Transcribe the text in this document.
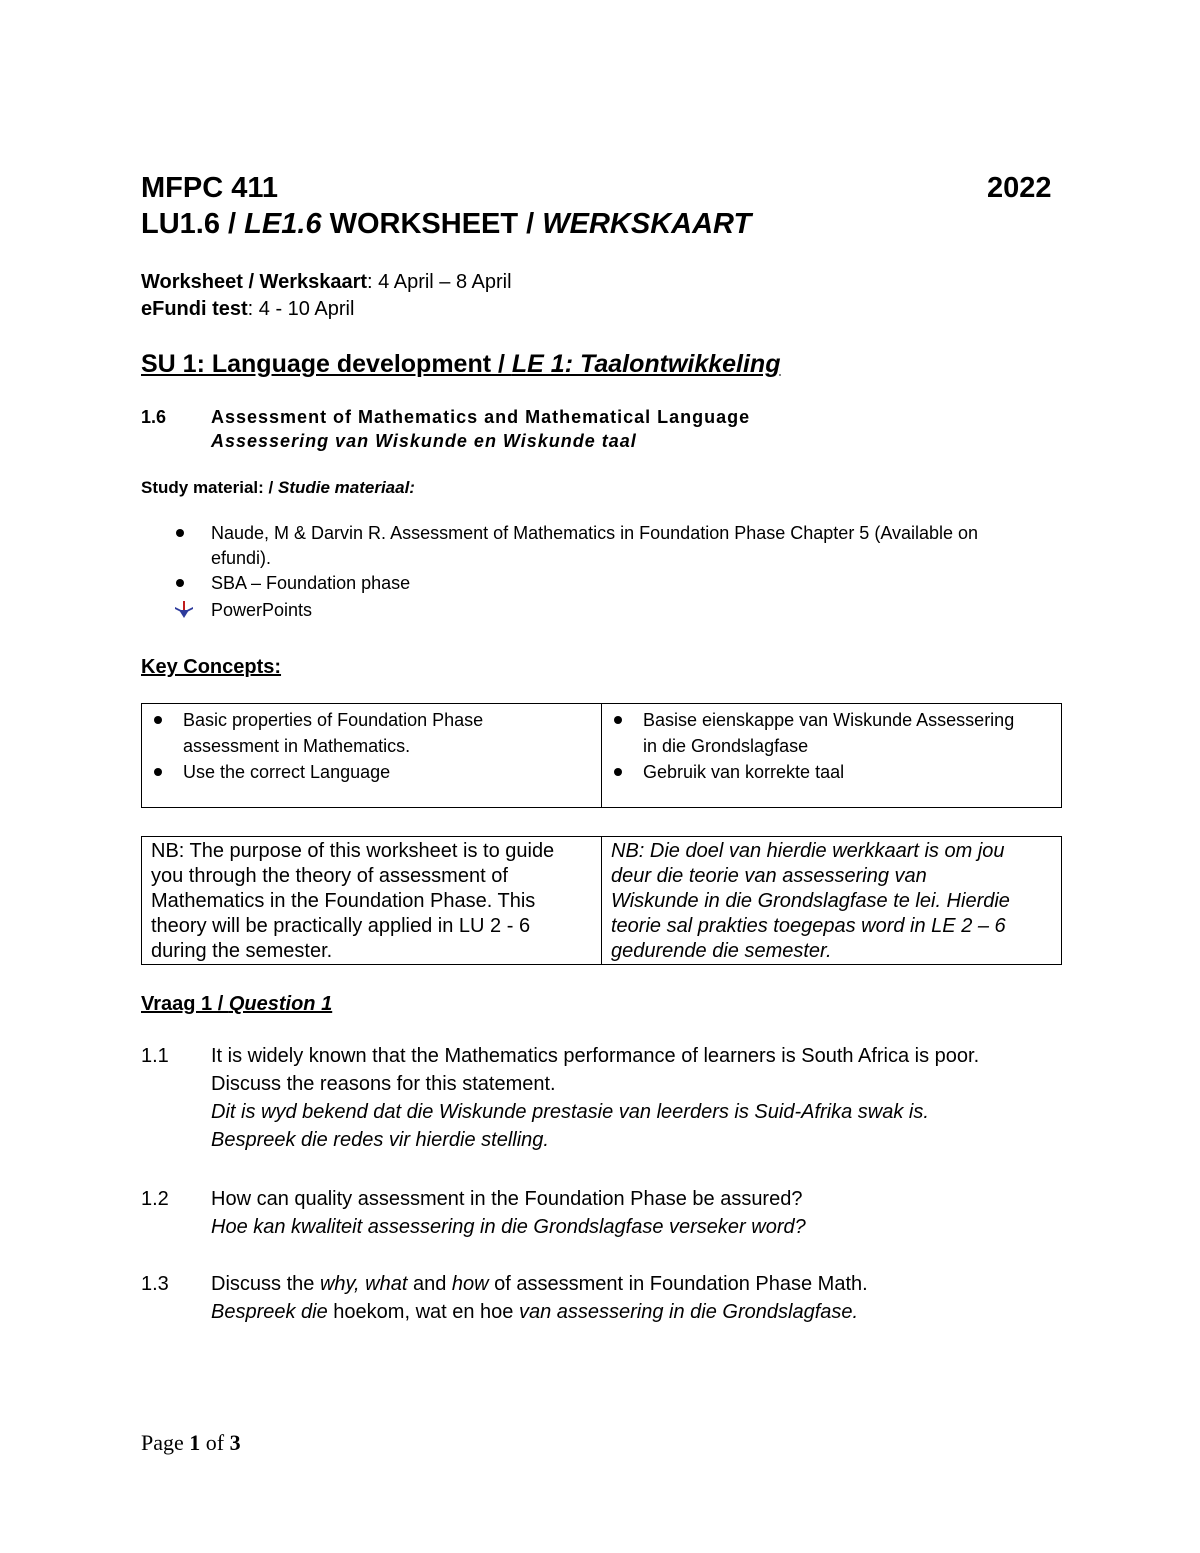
MFPC 411	2022
LU1.6 / LE1.6 WORKSHEET / WERKSKAART
Worksheet / Werkskaart: 4 April – 8 April
eFundi test: 4 - 10 April
SU 1: Language development / LE 1: Taalontwikkeling
1.6 Assessment of Mathematics and Mathematical Language
Assessering van Wiskunde en Wiskunde taal
Study material: / Studie materiaal:
Naude, M & Darvin R. Assessment of Mathematics in Foundation Phase Chapter 5 (Available on
efundi).
SBA – Foundation phase
PowerPoints
Key Concepts:
Basic properties of Foundation Phase
assessment in Mathematics.
Use the correct Language

Basise eienskappe van Wiskunde Assessering
in die Grondslagfase
Gebruik van korrekte taal
NB: The purpose of this worksheet is to guide
you through the theory of assessment of
Mathematics in the Foundation Phase. This
theory will be practically applied in LU 2 - 6
during the semester.

NB: Die doel van hierdie werkkaart is om jou
deur die teorie van assessering van
Wiskunde in die Grondslagfase te lei. Hierdie
teorie sal prakties toegepas word in LE 2 – 6
gedurende die semester.
Vraag 1 / Question 1
1.1 It is widely known that the Mathematics performance of learners is South Africa is poor.
Discuss the reasons for this statement.
Dit is wyd bekend dat die Wiskunde prestasie van leerders is Suid-Afrika swak is.
Bespreek die redes vir hierdie stelling.
1.2 How can quality assessment in the Foundation Phase be assured?
Hoe kan kwaliteit assessering in die Grondslagfase verseker word?
1.3 Discuss the why, what and how of assessment in Foundation Phase Math.
Bespreek die hoekom, wat en hoe van assessering in die Grondslagfase.
Page 1 of 3
